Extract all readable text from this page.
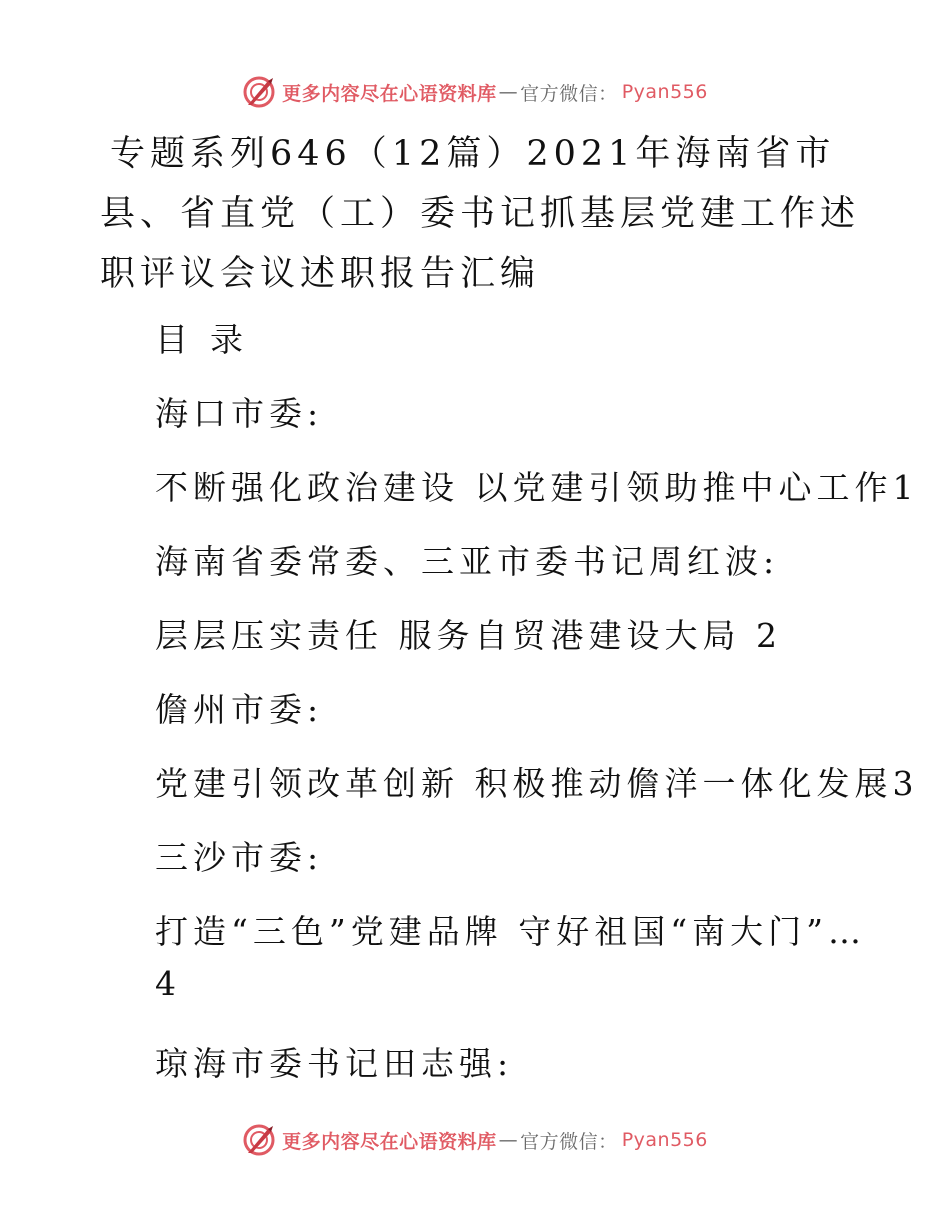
更多内容尽在心语资料库 — 官方微信： Pyan556
专题系列646（12篇）2021年海南省市县、省直党（工）委书记抓基层党建工作述职评议会议述职报告汇编
目录
海口市委:
不断强化政治建设 以党建引领助推中心工作1
海南省委常委、三亚市委书记周红波:
层层压实责任 服务自贸港建设大局 2
儋州市委:
党建引领改革创新 积极推动儋洋一体化发展3
三沙市委:
打造“三色”党建品牌 守好祖国“南大门”…
4
琼海市委书记田志强:
更多内容尽在心语资料库 — 官方微信： Pyan556
